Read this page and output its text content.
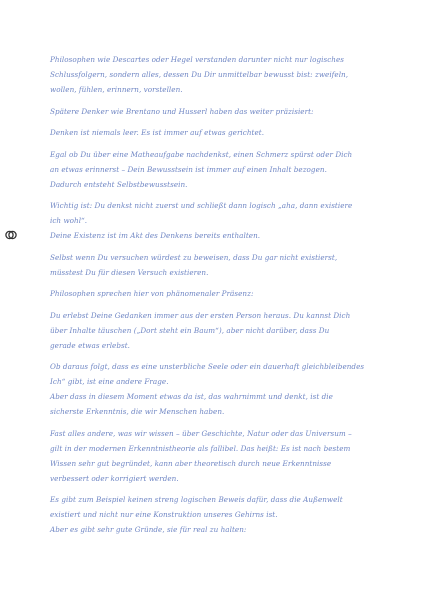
Philosophen wie Descartes oder Hegel verstanden darunter nicht nur logisches
Schlussfolgern, sondern alles, dessen Du Dir unmittelbar bewusst bist: zweifeln,
wollen, fühlen, erinnern, vorstellen.

Spätere Denker wie Brentano und Husserl haben das weiter präzisiert:

Denken ist niemals leer. Es ist immer auf etwas gerichtet.

Egal ob Du über eine Matheaufgabe nachdenkst, einen Schmerz spürst oder Dich
an etwas erinnerst – Dein Bewusstsein ist immer auf einen Inhalt bezogen.
Dadurch entsteht Selbstbewusstsein.

Wichtig ist: Du denkst nicht zuerst und schließt dann logisch „aha, dann existiere
ich wohl“.
Deine Existenz ist im Akt des Denkens bereits enthalten.

Selbst wenn Du versuchen würdest zu beweisen, dass Du gar nicht existierst,
müsstest Du für diesen Versuch existieren.

Philosophen sprechen hier von phänomenaler Präsenz:

Du erlebst Deine Gedanken immer aus der ersten Person heraus. Du kannst Dich
über Inhalte täuschen („Dort steht ein Baum“), aber nicht darüber, dass Du
gerade etwas erlebst.

Ob daraus folgt, dass es eine unsterbliche Seele oder ein dauerhaft gleichbleibendes
Ich“ gibt, ist eine andere Frage.
Aber dass in diesem Moment etwas da ist, das wahrnimmt und denkt, ist die
sicherste Erkenntnis, die wir Menschen haben.

Fast alles andere, was wir wissen – über Geschichte, Natur oder das Universum –
gilt in der modernen Erkenntnistheorie als fallibel. Das heißt: Es ist nach bestem
Wissen sehr gut begründet, kann aber theoretisch durch neue Erkenntnisse
verbessert oder korrigiert werden.

Es gibt zum Beispiel keinen streng logischen Beweis dafür, dass die Außenwelt
existiert und nicht nur eine Konstruktion unseres Gehirns ist.
Aber es gibt sehr gute Gründe, sie für real zu halten:
